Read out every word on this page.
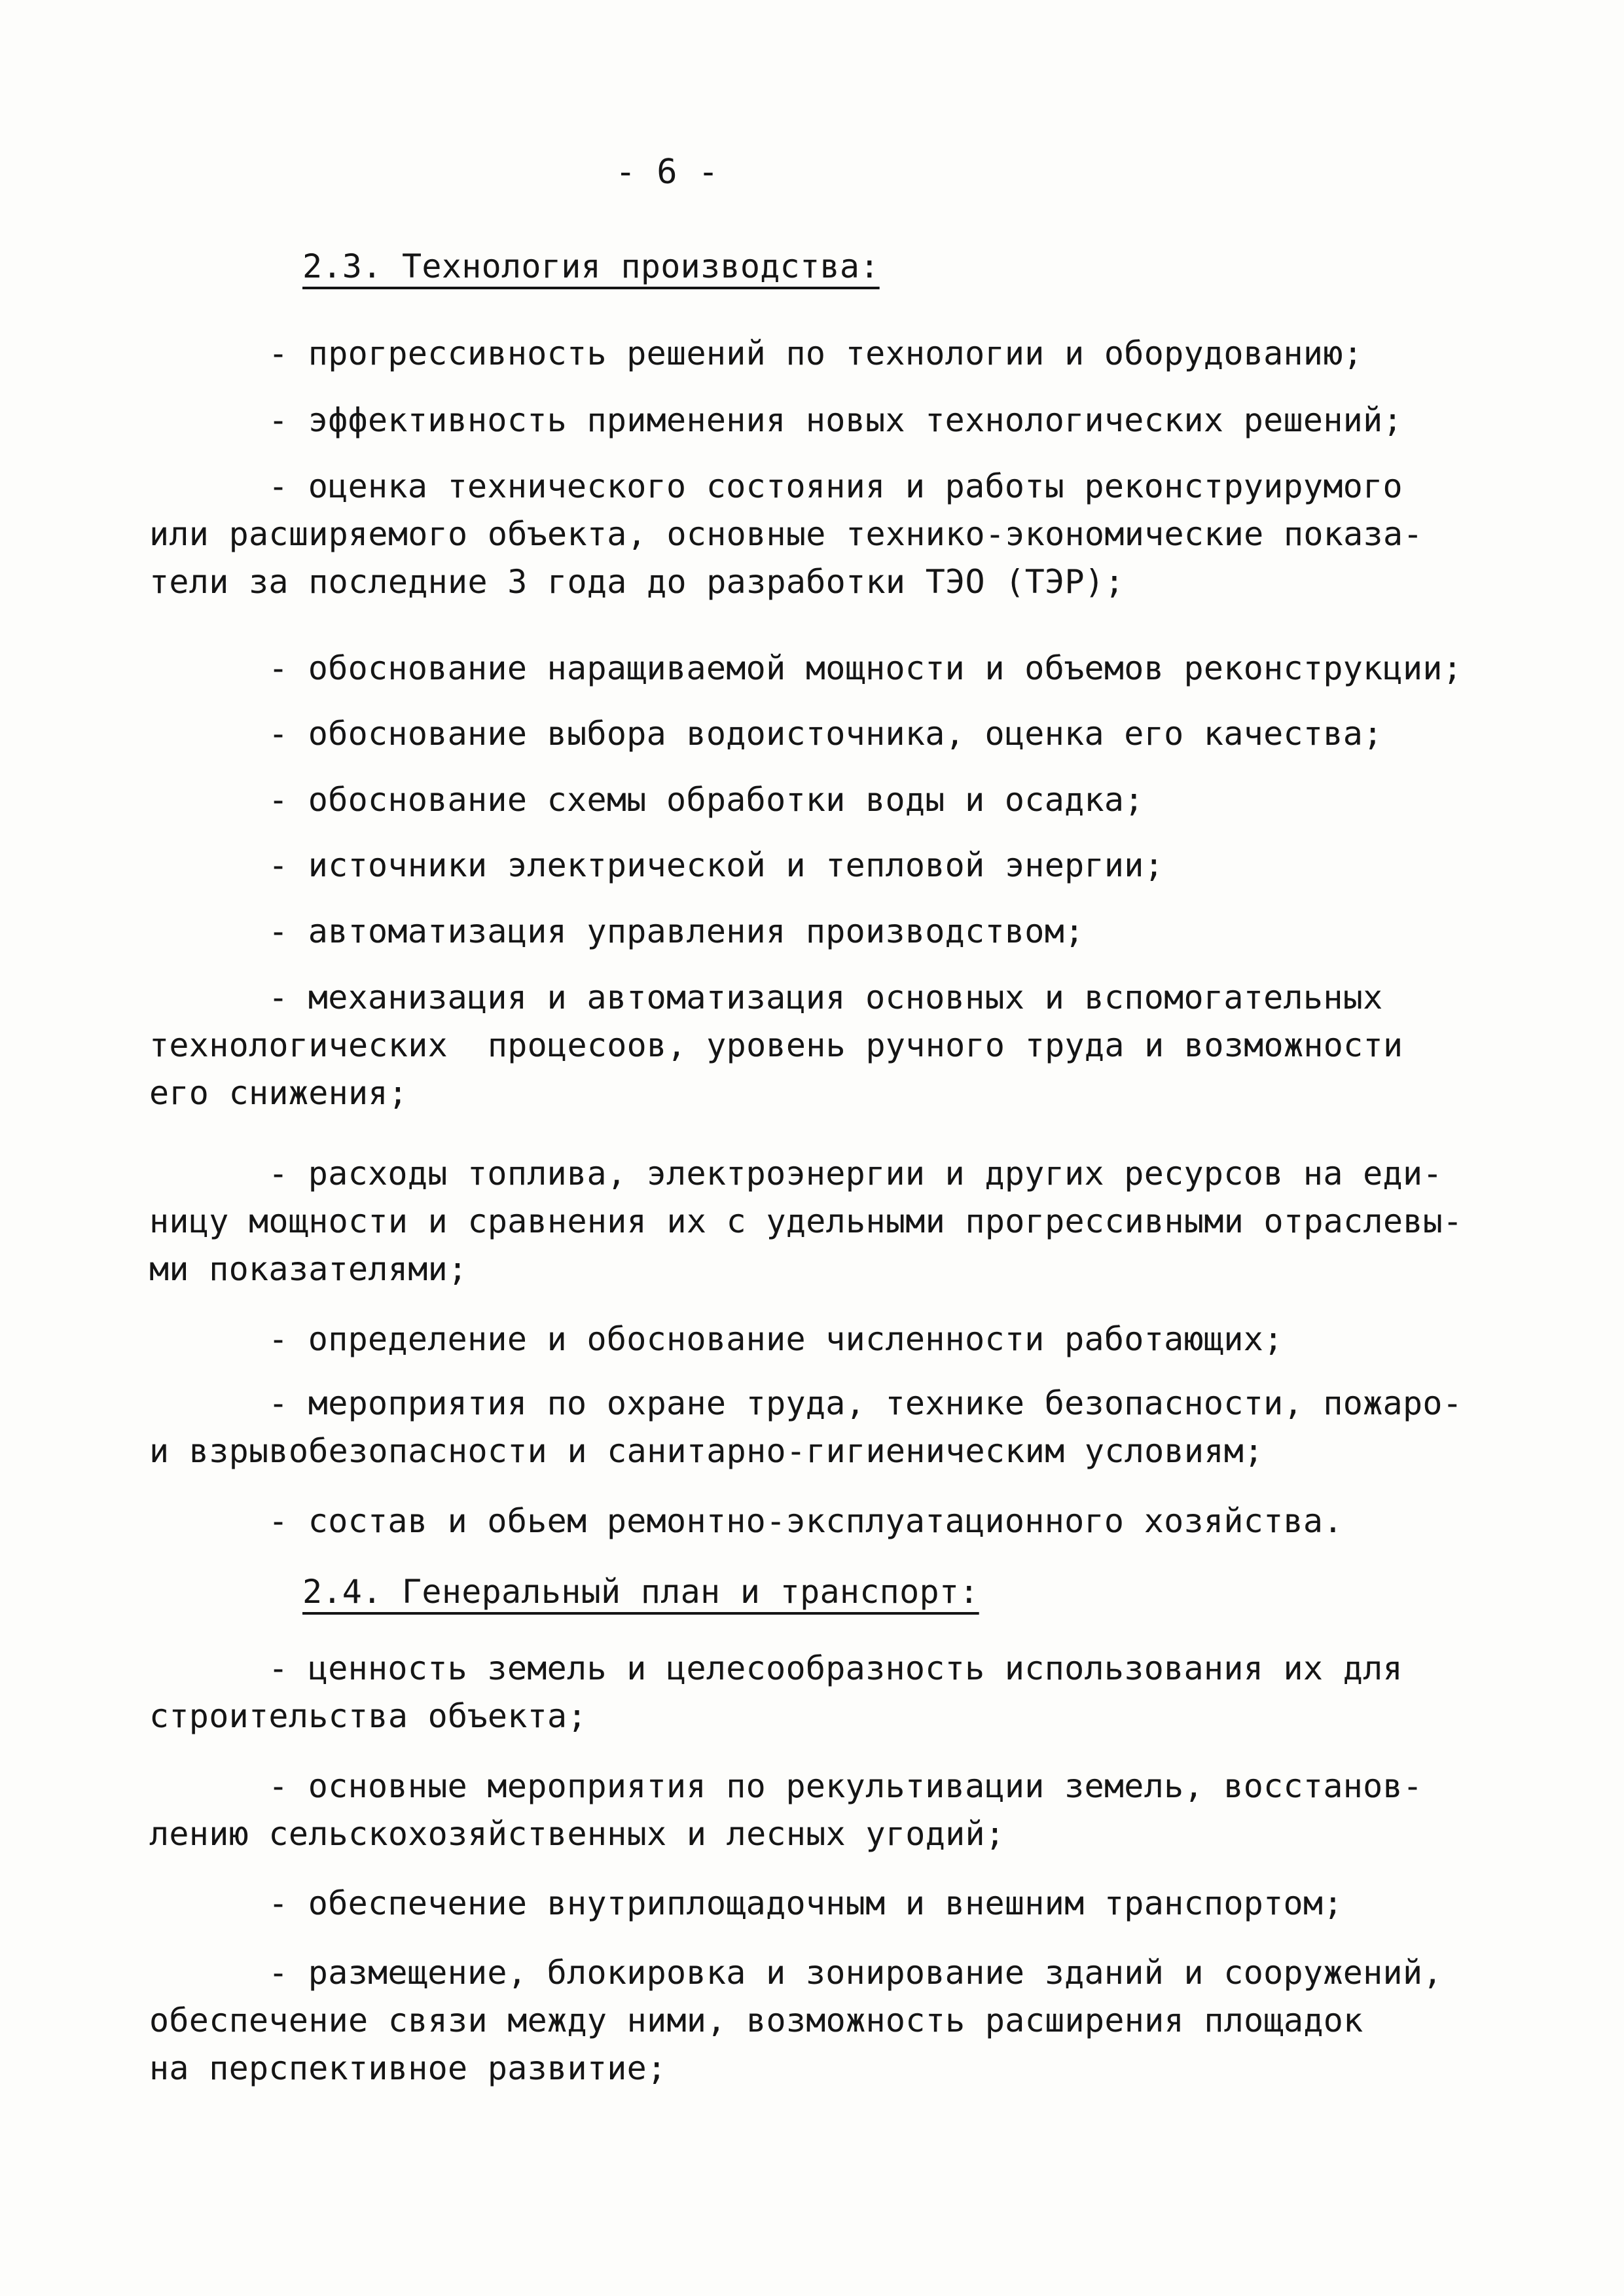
- 6 -
2.3. Технология производства:
- прогрессивность решений по технологии и оборудованию;
- эффективность применения новых технологических решений;
- оценка технического состояния и работы реконструирумого
или расширяемого объекта, основные технико-экономические показа-
тели за последние 3 года до разработки ТЭО (ТЭР);
- обоснование наращиваемой мощности и объемов реконструкции;
- обоснование выбора водоисточника, оценка его качества;
- обоснование схемы обработки воды и осадка;
- источники электрической и тепловой энергии;
- автоматизация управления производством;
- механизация и автоматизация основных и вспомогательных
технологических  процесоов, уровень ручного труда и возможности
его снижения;
- расходы топлива, электроэнергии и других ресурсов на еди-
ницу мощности и сравнения их с удельными прогрессивными отраслевы-
ми показателями;
- определение и обоснование численности работающих;
- мероприятия по охране труда, технике безопасности, пожаро-
и взрывобезопасности и санитарно-гигиеническим условиям;
- состав и обьем ремонтно-эксплуатационного хозяйства.
2.4. Генеральный план и транспорт:
- ценность земель и целесообразность использования их для
строительства объекта;
- основные мероприятия по рекультивации земель, восстанов-
лению сельскохозяйственных и лесных угодий;
- обеспечение внутриплощадочным и внешним транспортом;
- размещение, блокировка и зонирование зданий и сооружений,
обеспечение связи между ними, возможность расширения площадок
на перспективное развитие;
